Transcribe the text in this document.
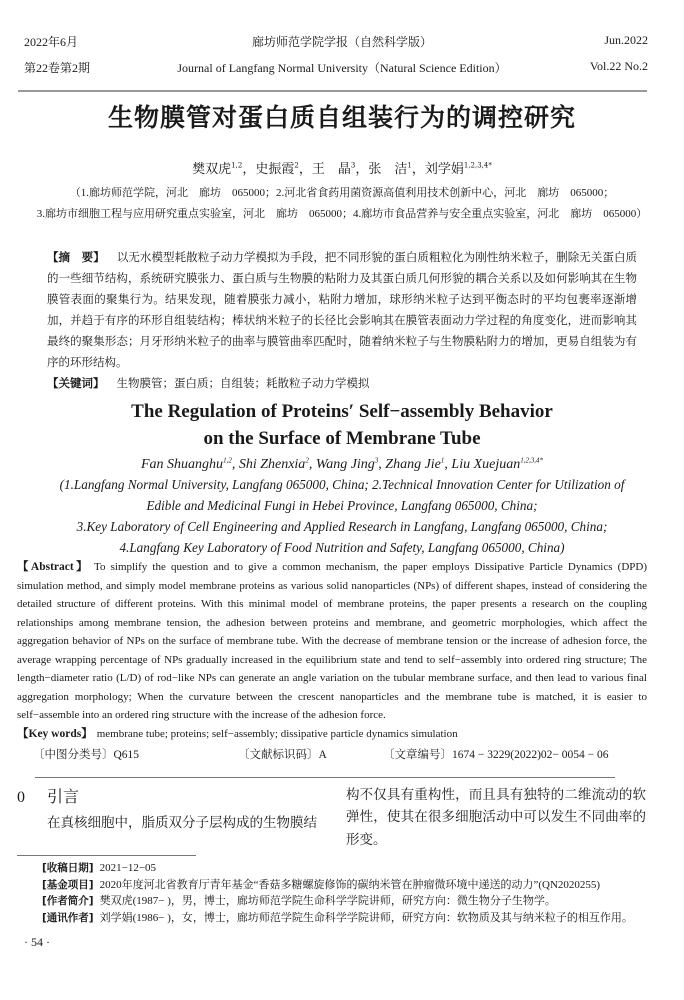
2022年6月
第22卷第2期
廊坊师范学院学报（自然科学版）
Journal of Langfang Normal University（Natural Science Edition）
Jun.2022
Vol.22 No.2
生物膜管对蛋白质自组装行为的调控研究
樊双虎$^{1,2}$，史振霞$^2$，王　晶$^3$，张　洁$^1$，刘学娟$^{1,2,3,4*}$
（1.廊坊师范学院，河北　廊坊　065000；2.河北省食药用菌资源高值利用技术创新中心，河北　廊坊　065000；
3.廊坊市细胞工程与应用研究重点实验室，河北　廊坊　065000；4.廊坊市食品营养与安全重点实验室，河北　廊坊　065000）
【摘　要】 以无水模型耗散粒子动力学模拟为手段，把不同形貌的蛋白质粗粒化为刚性纳米粒子，删除无关蛋白质的一些细节结构，系统研究膜张力、蛋白质与生物膜的粘附力及其蛋白质几何形貌的耦合关系以及如何影响其在生物膜管表面的聚集行为。结果发现，随着膜张力减小，粘附力增加，球形纳米粒子达到平衡态时的平均包裹率逐渐增加，并趋于有序的环形自组装结构；棒状纳米粒子的长径比会影响其在膜管表面动力学过程的角度变化，进而影响其最终的聚集形态；月牙形纳米粒子的曲率与膜管曲率匹配时，随着纳米粒子与生物膜粘附力的增加，更易自组装为有序的环形结构。
【关键词】 生物膜管；蛋白质；自组装；耗散粒子动力学模拟
The Regulation of Proteins′ Self−assembly Behavior
on the Surface of Membrane Tube
Fan Shuanghu$^{1,2}$, Shi Zhenxia$^2$, Wang Jing$^3$, Zhang Jie$^1$, Liu Xuejuan$^{1,2,3,4*}$
(1.Langfang Normal University, Langfang 065000, China; 2.Technical Innovation Center for Utilization of
Edible and Medicinal Fungi in Hebei Province, Langfang 065000, China;
3.Key Laboratory of Cell Engineering and Applied Research in Langfang, Langfang 065000, China;
4.Langfang Key Laboratory of Food Nutrition and Safety, Langfang 065000, China)
【Abstract】 To simplify the question and to give a common mechanism, the paper employs Dissipative Particle Dynamics (DPD) simulation method, and simply model membrane proteins as various solid nanoparticles (NPs) of different shapes, instead of considering the detailed structure of different proteins. With this minimal model of membrane proteins, the paper presents a research on the coupling relationships among membrane tension, the adhesion between proteins and membrane, and geometric morphologies, which affect the aggregation behavior of NPs on the surface of membrane tube. With the decrease of membrane tension or the increase of adhesion force, the average wrapping percentage of NPs gradually increased in the equilibrium state and tend to self−assembly into ordered ring structure; The length−diameter ratio (L/D) of rod−like NPs can generate an angle variation on the tubular membrane surface, and then lead to various final aggregation morphology; When the curvature between the crescent nanoparticles and the membrane tube is matched, it is easier to self−assemble into an ordered ring structure with the increase of the adhesion force.
【Key words】 membrane tube; proteins; self−assembly; dissipative particle dynamics simulation
〔中图分类号〕Q615	〔文献标识码〕A	〔文章编号〕1674 − 3229(2022)02− 0054 − 06
0 引言
在真核细胞中，脂质双分子层构成的生物膜结
构不仅具有重构性，而且具有独特的二维流动的软弹性，使其在很多细胞活动中可以发生不同曲率的形变。
[收稿日期] 2021−12−05
[基金项目] 2020年度河北省教育厅青年基金“香菇多糖螺旋修饰的碳纳米管在肿瘤微环境中递送的动力”(QN2020255)
[作者简介] 樊双虎(1987− )，男，博士，廊坊师范学院生命科学学院讲师，研究方向：微生物分子生物学。
[通讯作者] 刘学娟(1986− )，女，博士，廊坊师范学院生命科学学院讲师，研究方向：软物质及其与纳米粒子的相互作用。
· 54 ·
